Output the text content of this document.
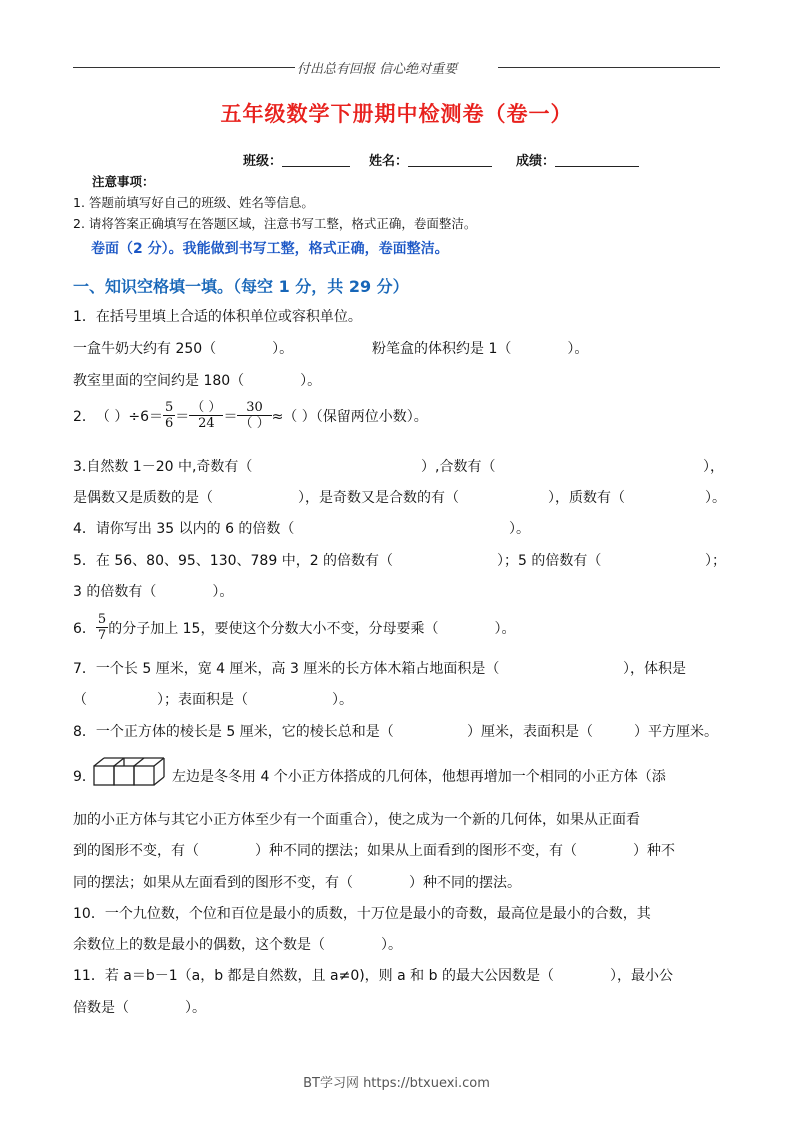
付出总有回报 信心绝对重要
五年级数学下册期中检测卷（卷一）
班级：	姓名：	成绩：
注意事项：
1. 答题前填写好自己的班级、姓名等信息。
2. 请将答案正确填写在答题区域，注意书写工整，格式正确，卷面整洁。
卷面（2 分）。我能做到书写工整，格式正确，卷面整洁。
一、知识空格填一填。（每空 1 分，共 29 分）
1．在括号里填上合适的体积单位或容积单位。
一盒牛奶大约有 250（　　　　）。	粉笔盒的体积约是 1（　　　　）。
教室里面的空间约是 180（　　　　）。
2． （ ）$\div 6= \frac{5}{6} = \frac{( )}{24} = \frac{30}{( )}$ ≈（ ）（保留两位小数）。
3.自然数 1－20 中,奇数有（	）,合数有（	），
是偶数又是质数的是（	），是奇数又是合数的有（	），质数有（	）。
4．请你写出 35 以内的 6 的倍数（	）。
5．在 56、80、95、130、789 中，2 的倍数有（	）；5 的倍数有（	）；
3 的倍数有（　　　　）。
6． $\frac{5}{7}$ 的分子加上 15，要使这个分数大小不变，分母要乘（　　　　）。
7．一个长 5 厘米，宽 4 厘米，高 3 厘米的长方体木箱占地面积是（	），体积是
（　　　　　）；表面积是（　　　　　　）。
8．一个正方体的棱长是 5 厘米，它的棱长总和是（	）厘米，表面积是（	）平方厘米。
9．	左边是冬冬用 4 个小正方体搭成的几何体，他想再增加一个相同的小正方体（添
加的小正方体与其它小正方体至少有一个面重合），使之成为一个新的几何体，如果从正面看
到的图形不变，有（　　　　）种不同的摆法；如果从上面看到的图形不变，有（　　　　）种不
同的摆法；如果从左面看到的图形不变，有（　　　　）种不同的摆法。
10．一个九位数，个位和百位是最小的质数，十万位是最小的奇数，最高位是最小的合数，其
余数位上的数是最小的偶数，这个数是（　　　　）。
11．若 a＝b－1（a，b 都是自然数，且 a≠0)，则 a 和 b 的最大公因数是（　　　　），最小公
倍数是（　　　　）。
BT学习网 https://btxuexi.com
